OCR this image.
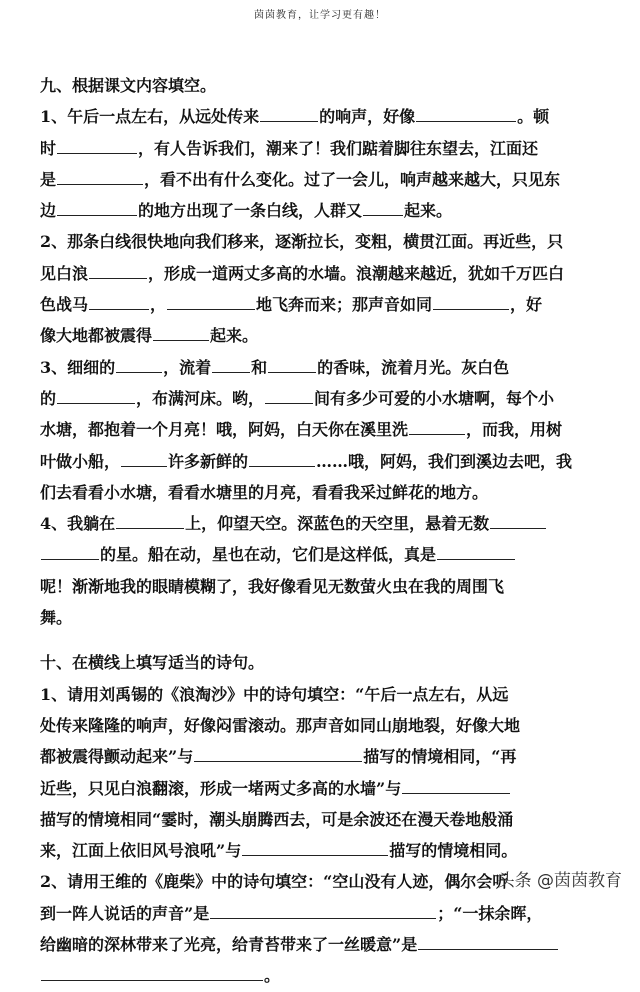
茵茵教育，让学习更有趣！
九、根据课文内容填空。
1、午后一点左右，从远处传来	的响声，好像	。顿
时	，有人告诉我们，潮来了！我们踮着脚往东望去，江面还
是	，看不出有什么变化。过了一会儿，响声越来越大，只见东
边	的地方出现了一条白线，人群又	起来。
2、那条白线很快地向我们移来，逐渐拉长，变粗，横贯江面。再近些，只
见白浪	，形成一道两丈多高的水墙。浪潮越来越近，犹如千万匹白
色战马	，	地飞奔而来；那声音如同	，好
像大地都被震得	起来。
3、细细的	，流着	和	的香味，流着月光。灰白色
的	，布满河床。哟，	间有多少可爱的小水塘啊，每个小
水塘，都抱着一个月亮！哦，阿妈，白天你在溪里洗	，而我，用树
叶做小船，	许多新鲜的	……哦，阿妈，我们到溪边去吧，我
们去看看小水塘，看看水塘里的月亮，看看我采过鲜花的地方。
4、我躺在	上，仰望天空。深蓝色的天空里，悬着无数
的星。船在动，星也在动，它们是这样低，真是
呢！渐渐地我的眼睛模糊了，我好像看见无数萤火虫在我的周围飞
舞。
十、在横线上填写适当的诗句。
1、请用刘禹锡的《浪淘沙》中的诗句填空：“午后一点左右，从远
处传来隆隆的响声，好像闷雷滚动。那声音如同山崩地裂，好像大地
都被震得颤动起来”与	描写的情境相同，“再
近些，只见白浪翻滚，形成一堵两丈多高的水墙”与
描写的情境相同“霎时，潮头崩腾西去，可是余波还在漫天卷地般涌
来，江面上依旧风号浪吼”与	描写的情境相同。
2、请用王维的《鹿柴》中的诗句填空：“空山没有人迹，偶尔会听
到一阵人说话的声音”是	；“一抹余晖，
给幽暗的深林带来了光亮，给青苔带来了一丝暖意”是
。
头条 @茵茵教育
